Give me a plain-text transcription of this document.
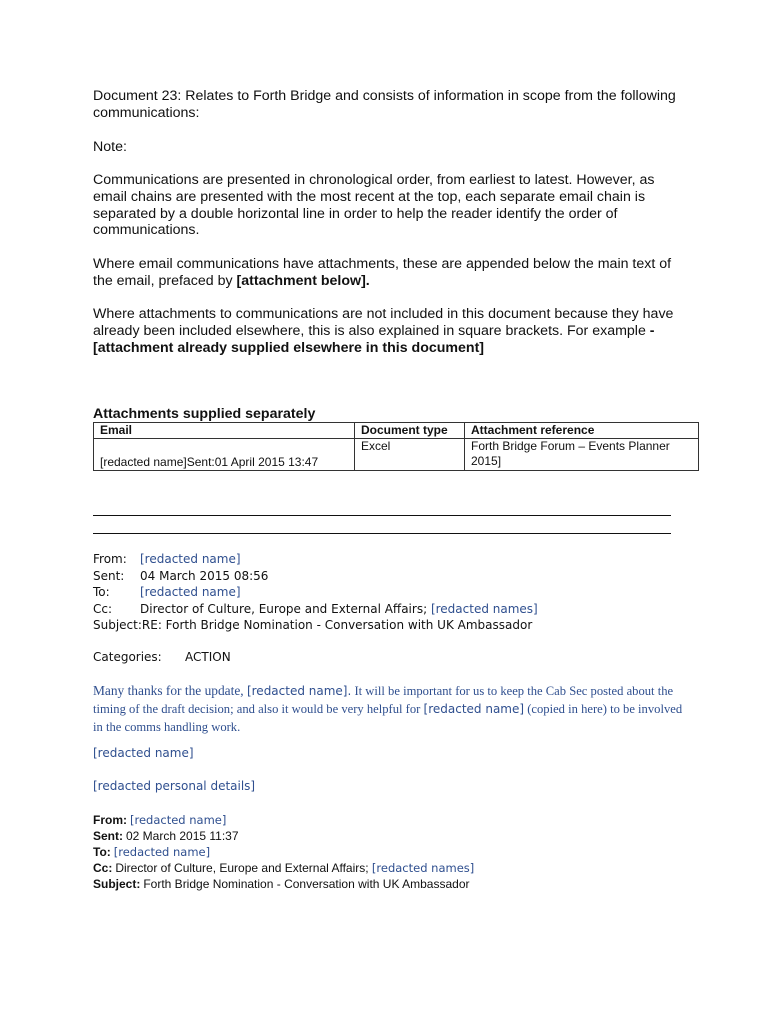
Document 23: Relates to Forth Bridge and consists of information in scope from the following communications:

Note:

Communications are presented in chronological order, from earliest to latest. However, as email chains are presented with the most recent at the top, each separate email chain is separated by a double horizontal line in order to help the reader identify the order of communications.

Where email communications have attachments, these are appended below the main text of the email, prefaced by [attachment below].

Where attachments to communications are not included in this document because they have already been included elsewhere, this is also explained in square brackets. For example - [attachment already supplied elsewhere in this document]

Attachments supplied separately
Email	Document type	Attachment reference
[redacted name]Sent:01 April 2015 13:47	Excel	Forth Bridge Forum – Events Planner 2015]
From:	[redacted name]
Sent:	04 March 2015 08:56
To:	[redacted name]
Cc:	Director of Culture, Europe and External Affairs; [redacted names]
Subject: RE: Forth Bridge Nomination - Conversation with UK Ambassador
Categories:	ACTION
Many thanks for the update, [redacted name]. It will be important for us to keep the Cab Sec posted about the timing of the draft decision; and also it would be very helpful for [redacted name] (copied in here) to be involved in the comms handling work.
[redacted name]
[redacted personal details]
From: [redacted name]
Sent: 02 March 2015 11:37
To: [redacted name]
Cc: Director of Culture, Europe and External Affairs; [redacted names]
Subject: Forth Bridge Nomination - Conversation with UK Ambassador
